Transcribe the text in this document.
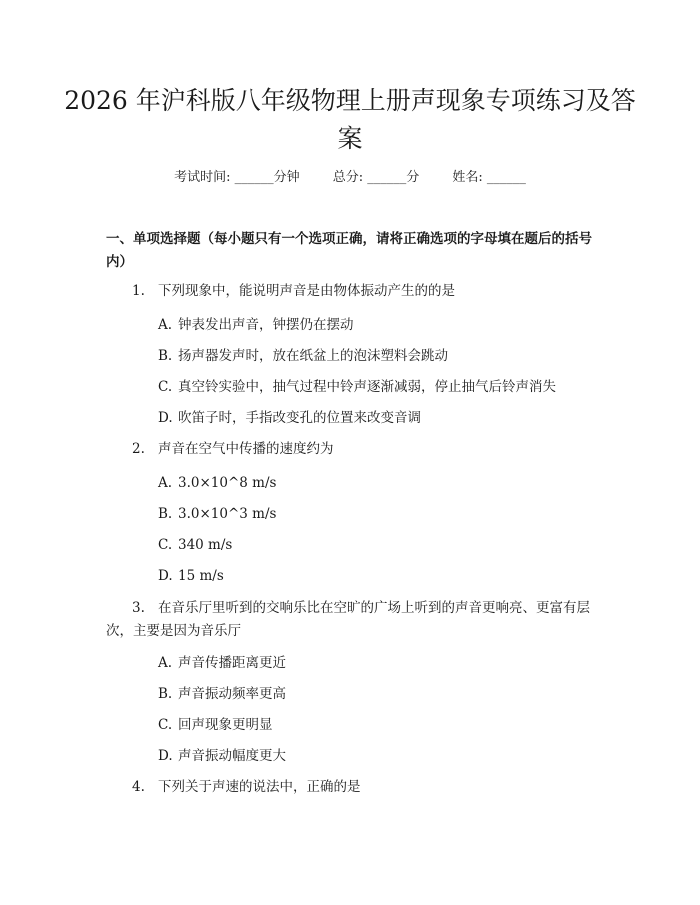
2026 年沪科版八年级物理上册声现象专项练习及答案
考试时间: ______分钟	总分: ______分	姓名: ______

一、单项选择题（每小题只有一个选项正确，请将正确选项的字母填在题后的括号内）

1. 下列现象中，能说明声音是由物体振动产生的的是

A. 钟表发出声音，钟摆仍在摆动

B. 扬声器发声时，放在纸盆上的泡沫塑料会跳动

C. 真空铃实验中，抽气过程中铃声逐渐减弱，停止抽气后铃声消失

D. 吹笛子时，手指改变孔的位置来改变音调

2. 声音在空气中传播的速度约为

A. 3.0×10^8 m/s

B. 3.0×10^3 m/s

C. 340 m/s

D. 15 m/s

3. 在音乐厅里听到的交响乐比在空旷的广场上听到的声音更响亮、更富有层

次，主要是因为音乐厅

A. 声音传播距离更近

B. 声音振动频率更高

C. 回声现象更明显

D. 声音振动幅度更大

4. 下列关于声速的说法中，正确的是
